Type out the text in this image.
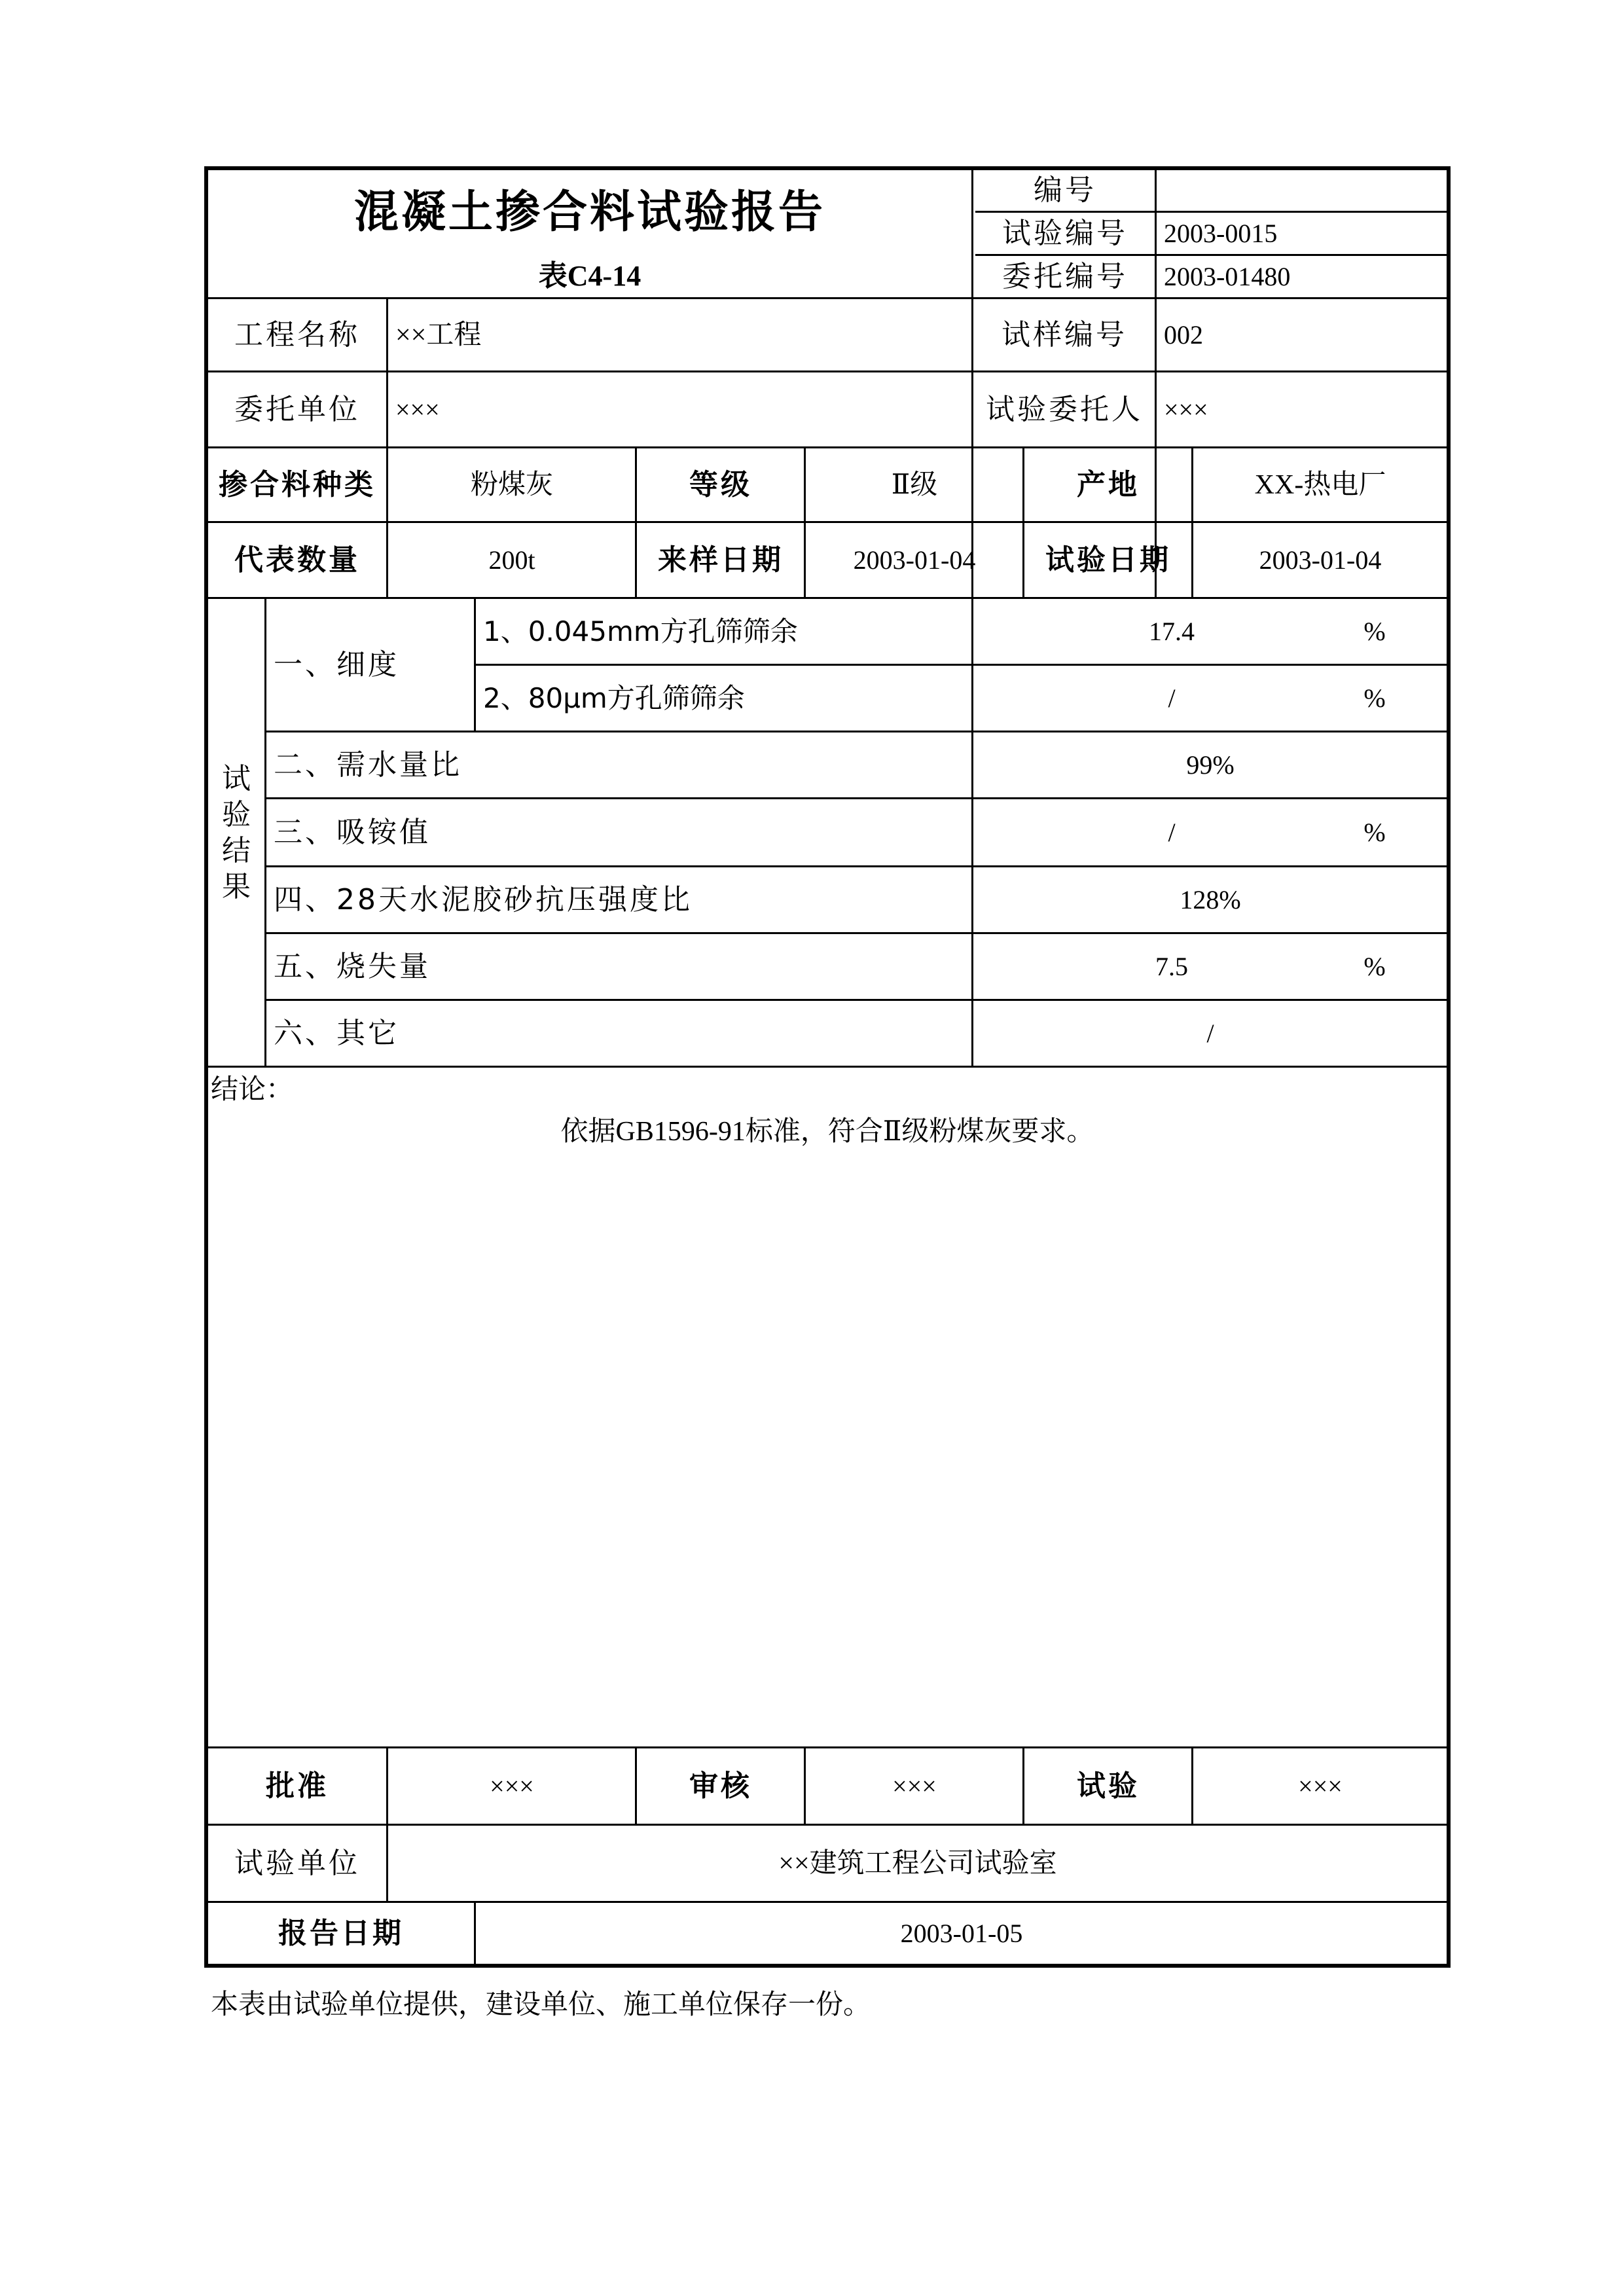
混凝土掺合料试验报告
表C4-14
编号
试验编号	2003-0015
委托编号	2003-01480
工程名称	××工程	试样编号	002
委托单位	×××	试验委托人 ×××
掺合料种类	粉煤灰	等级	Ⅱ级	产地	XX-热电厂
代表数量	200t	来样日期	2003-01-04	试验日期	2003-01-04
试
验
结
果
一、细度
1、0.045mm方孔筛筛余	17.4	%
2、80μm方孔筛筛余	/	%
二、需水量比	99%
三、吸铵值	/	%
四、28天水泥胶砂抗压强度比	128%
五、烧失量	7.5	%
六、其它	/
结论：
依据GB1596-91标准，符合Ⅱ级粉煤灰要求。
批准	×××	审核	×××	试验	×××
试验单位	××建筑工程公司试验室
报告日期	2003-01-05
本表由试验单位提供，建设单位、施工单位保存一份。
